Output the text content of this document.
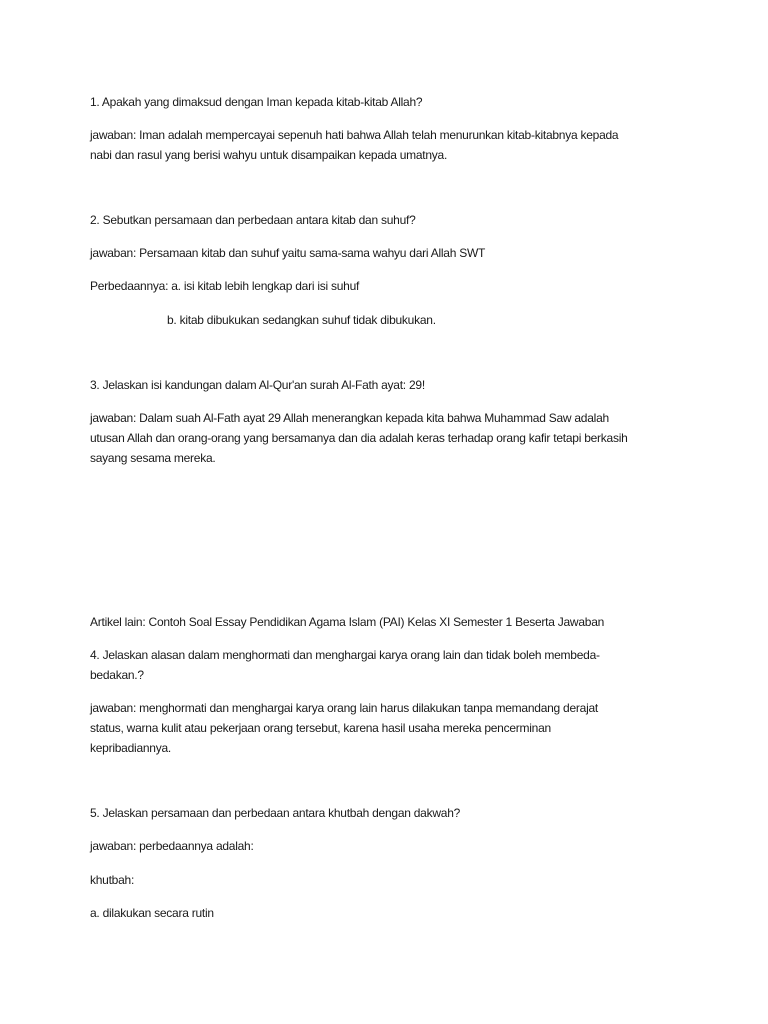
1. Apakah yang dimaksud dengan Iman kepada kitab-kitab Allah?
jawaban: Iman adalah mempercayai sepenuh hati bahwa Allah telah menurunkan kitab-kitabnya kepada
nabi dan rasul yang berisi wahyu untuk disampaikan kepada umatnya.
2. Sebutkan persamaan dan perbedaan antara kitab dan suhuf?
jawaban: Persamaan kitab dan suhuf yaitu sama-sama wahyu dari Allah SWT
Perbedaannya: a. isi kitab lebih lengkap dari isi suhuf
b. kitab dibukukan sedangkan suhuf tidak dibukukan.
3. Jelaskan isi kandungan dalam Al-Qur'an surah Al-Fath ayat: 29!
jawaban: Dalam suah Al-Fath ayat 29 Allah menerangkan kepada kita bahwa Muhammad Saw adalah
utusan Allah dan orang-orang yang bersamanya dan dia adalah keras terhadap orang kafir tetapi berkasih
sayang sesama mereka.
Artikel lain: Contoh Soal Essay Pendidikan Agama Islam (PAI) Kelas XI Semester 1 Beserta Jawaban
4. Jelaskan alasan dalam menghormati dan menghargai karya orang lain dan tidak boleh membeda-
bedakan.?
jawaban: menghormati dan menghargai karya orang lain harus dilakukan tanpa memandang derajat
status, warna kulit atau pekerjaan orang tersebut, karena hasil usaha mereka pencerminan
kepribadiannya.
5. Jelaskan persamaan dan perbedaan antara khutbah dengan dakwah?
jawaban: perbedaannya adalah:
khutbah:
a. dilakukan secara rutin
